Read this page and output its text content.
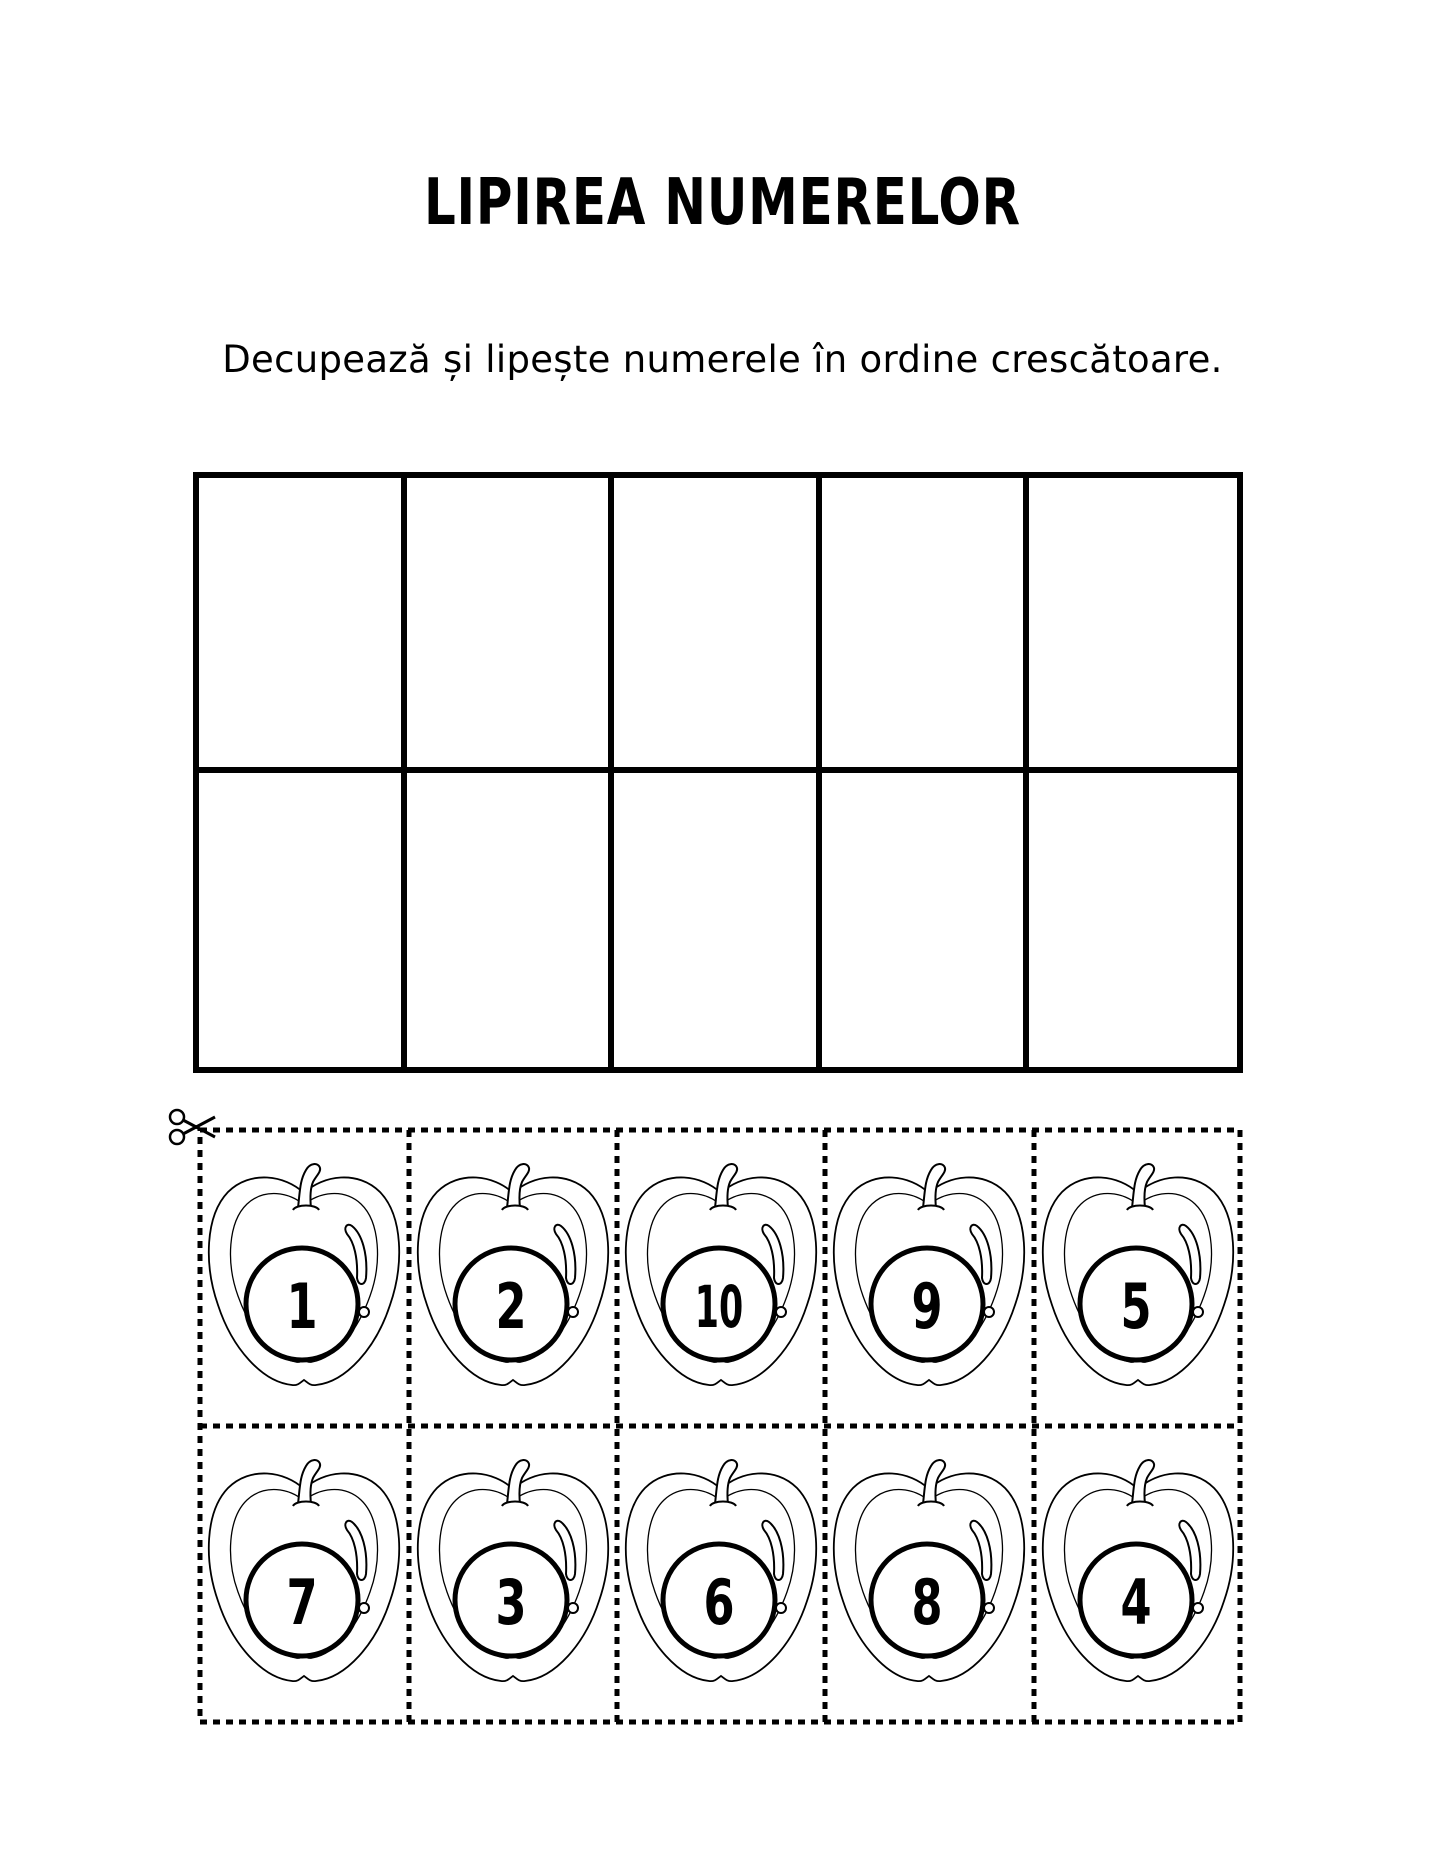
LIPIREA NUMERELOR
Decupează și lipește numerele în ordine crescătoare.
1	2	10	9	5
7	3	6	8	4
